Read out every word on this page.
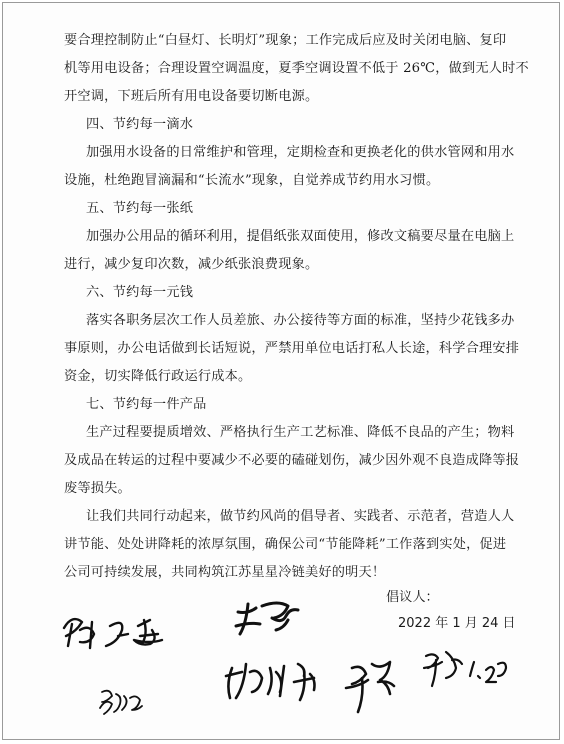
要合理控制防止“白昼灯、长明灯”现象；工作完成后应及时关闭电脑、复印
机等用电设备；合理设置空调温度，夏季空调设置不低于 26℃，做到无人时不
开空调，下班后所有用电设备要切断电源。
四、节约每一滴水
加强用水设备的日常维护和管理，定期检查和更换老化的供水管网和用水
设施，杜绝跑冒滴漏和“长流水”现象，自觉养成节约用水习惯。
五、节约每一张纸
加强办公用品的循环利用，提倡纸张双面使用，修改文稿要尽量在电脑上
进行，减少复印次数，减少纸张浪费现象。
六、节约每一元钱
落实各职务层次工作人员差旅、办公接待等方面的标准，坚持少花钱多办
事原则，办公电话做到长话短说，严禁用单位电话打私人长途，科学合理安排
资金，切实降低行政运行成本。
七、节约每一件产品
生产过程要提质增效、严格执行生产工艺标准、降低不良品的产生；物料
及成品在转运的过程中要减少不必要的磕碰划伤，减少因外观不良造成降等报
废等损失。
让我们共同行动起来，做节约风尚的倡导者、实践者、示范者，营造人人
讲节能、处处讲降耗的浓厚氛围，确保公司“节能降耗”工作落到实处，促进
公司可持续发展，共同构筑江苏星星冷链美好的明天！
倡议人：
2022 年 1 月 24 日
